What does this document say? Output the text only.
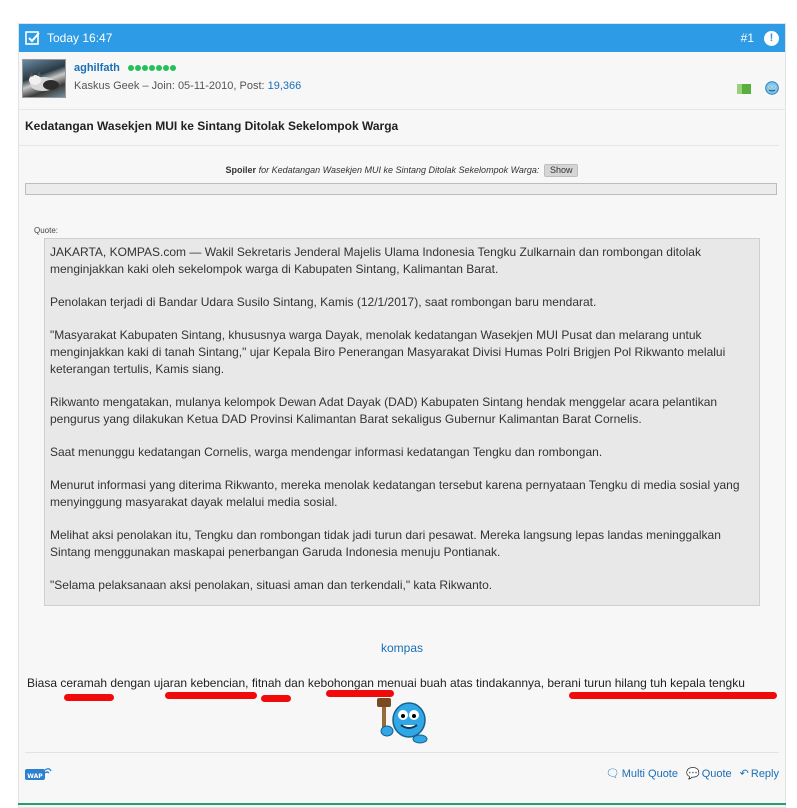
Today 16:47	#1	!
aghilfath
Kaskus Geek – Join: 05-11-2010, Post: 19,366
Kedatangan Wasekjen MUI ke Sintang Ditolak Sekelompok Warga
Spoiler for Kedatangan Wasekjen MUI ke Sintang Ditolak Sekelompok Warga: Show
Quote:

JAKARTA, KOMPAS.com — Wakil Sekretaris Jenderal Majelis Ulama Indonesia Tengku Zulkarnain dan rombongan ditolak menginjakkan kaki oleh sekelompok warga di Kabupaten Sintang, Kalimantan Barat.

Penolakan terjadi di Bandar Udara Susilo Sintang, Kamis (12/1/2017), saat rombongan baru mendarat.

"Masyarakat Kabupaten Sintang, khususnya warga Dayak, menolak kedatangan Wasekjen MUI Pusat dan melarang untuk menginjakkan kaki di tanah Sintang," ujar Kepala Biro Penerangan Masyarakat Divisi Humas Polri Brigjen Pol Rikwanto melalui keterangan tertulis, Kamis siang.

Rikwanto mengatakan, mulanya kelompok Dewan Adat Dayak (DAD) Kabupaten Sintang hendak menggelar acara pelantikan pengurus yang dilakukan Ketua DAD Provinsi Kalimantan Barat sekaligus Gubernur Kalimantan Barat Cornelis.

Saat menunggu kedatangan Cornelis, warga mendengar informasi kedatangan Tengku dan rombongan.

Menurut informasi yang diterima Rikwanto, mereka menolak kedatangan tersebut karena pernyataan Tengku di media sosial yang menyinggung masyarakat dayak melalui media sosial.

Melihat aksi penolakan itu, Tengku dan rombongan tidak jadi turun dari pesawat. Mereka langsung lepas landas meninggalkan Sintang menggunakan maskapai penerbangan Garuda Indonesia menuju Pontianak.

"Selama pelaksanaan aksi penolakan, situasi aman dan terkendali," kata Rikwanto.

kompas
Biasa ceramah dengan ujaran kebencian, fitnah dan kebohongan menuai buah atas tindakannya, berani turun hilang tuh kepala tengku
WAP	🗨 Multi Quote 💬 Quote ↶ Reply
